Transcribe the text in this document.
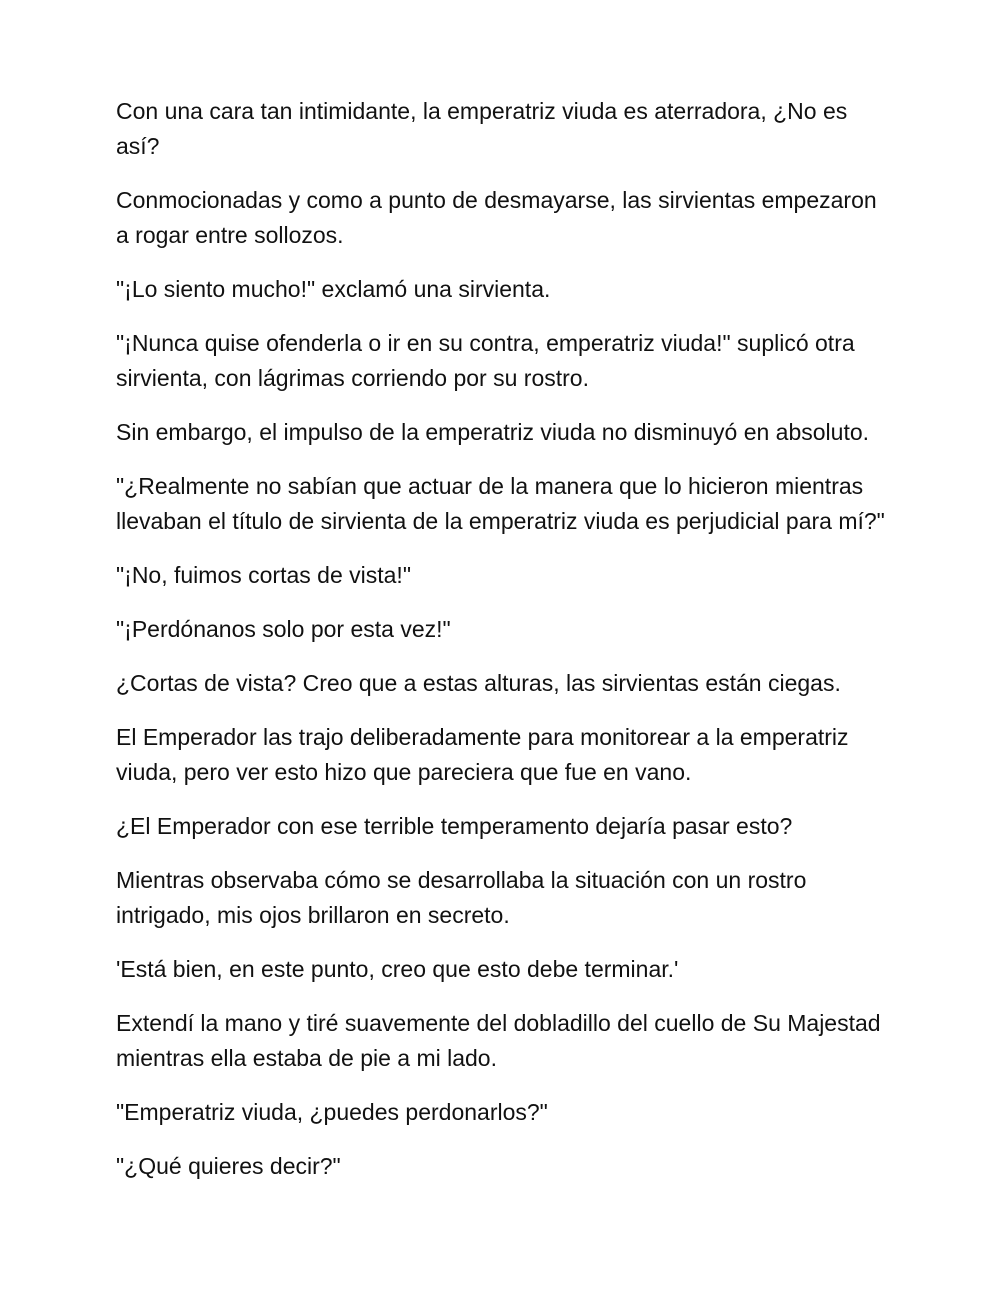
Con una cara tan intimidante, la emperatriz viuda es aterradora, ¿No es así?

Conmocionadas y como a punto de desmayarse, las sirvientas empezaron a rogar entre sollozos.

"¡Lo siento mucho!" exclamó una sirvienta.

"¡Nunca quise ofenderla o ir en su contra, emperatriz viuda!" suplicó otra sirvienta, con lágrimas corriendo por su rostro.

Sin embargo, el impulso de la emperatriz viuda no disminuyó en absoluto.

"¿Realmente no sabían que actuar de la manera que lo hicieron mientras llevaban el título de sirvienta de la emperatriz viuda es perjudicial para mí?"

"¡No, fuimos cortas de vista!"

"¡Perdónanos solo por esta vez!"

¿Cortas de vista? Creo que a estas alturas, las sirvientas están ciegas.

El Emperador las trajo deliberadamente para monitorear a la emperatriz viuda, pero ver esto hizo que pareciera que fue en vano.

¿El Emperador con ese terrible temperamento dejaría pasar esto?

Mientras observaba cómo se desarrollaba la situación con un rostro intrigado, mis ojos brillaron en secreto.

'Está bien, en este punto, creo que esto debe terminar.'

Extendí la mano y tiré suavemente del dobladillo del cuello de Su Majestad mientras ella estaba de pie a mi lado.

"Emperatriz viuda, ¿puedes perdonarlos?"

"¿Qué quieres decir?"
